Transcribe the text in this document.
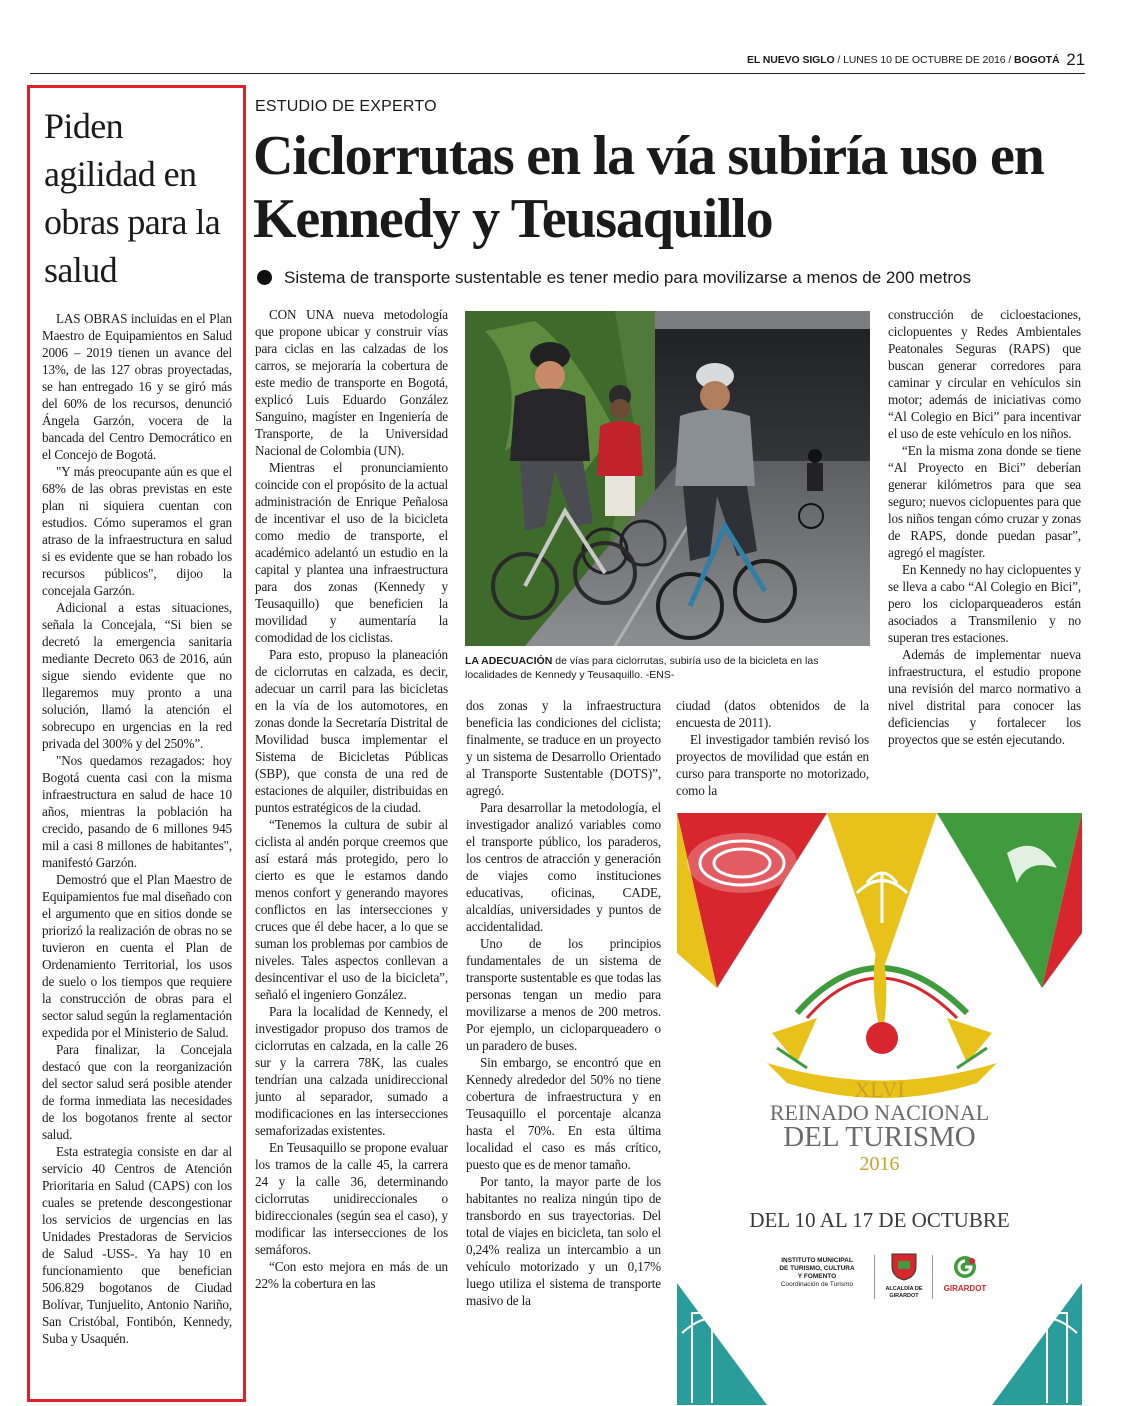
EL NUEVO SIGLO / LUNES 10 DE OCTUBRE DE 2016 / BOGOTÁ 21
Piden agilidad en obras para la salud

LAS OBRAS incluidas en el Plan Maestro de Equipamientos en Salud 2006 – 2019 tienen un avance del 13%, de las 127 obras proyectadas, se han entregado 16 y se giró más del 60% de los recursos, denunció Ángela Garzón, vocera de la bancada del Centro Democrático en el Concejo de Bogotá.

"Y más preocupante aún es que el 68% de las obras previstas en este plan ni siquiera cuentan con estudios. Cómo superamos el gran atraso de la infraestructura en salud si es evidente que se han robado los recursos públicos", dijoo la concejala Garzón.

Adicional a estas situaciones, señala la Concejala, “Si bien se decretó la emergencia sanitaria mediante Decreto 063 de 2016, aún sigue siendo evidente que no llegaremos muy pronto a una solución, llamó la atención el sobrecupo en urgencias en la red privada del 300% y del 250%”.

"Nos quedamos rezagados: hoy Bogotá cuenta casi con la misma infraestructura en salud de hace 10 años, mientras la población ha crecido, pasando de 6 millones 945 mil a casi 8 millones de habitantes", manifestó Garzón.

Demostró que el Plan Maestro de Equipamientos fue mal diseñado con el argumento que en sitios donde se priorizó la realización de obras no se tuvieron en cuenta el Plan de Ordenamiento Territorial, los usos de suelo o los tiempos que requiere la construcción de obras para el sector salud según la reglamentación expedida por el Ministerio de Salud.

Para finalizar, la Concejala destacó que con la reorganización del sector salud será posible atender de forma inmediata las necesidades de los bogotanos frente al sector salud.

Esta estrategia consiste en dar al servicio 40 Centros de Atención Prioritaria en Salud (CAPS) con los cuales se pretende descongestionar los servicios de urgencias en las Unidades Prestadoras de Servicios de Salud -USS-. Ya hay 10 en funcionamiento que benefician 506.829 bogotanos de Ciudad Bolívar, Tunjuelito, Antonio Nariño, San Cristóbal, Fontibón, Kennedy, Suba y Usaquén.

ESTUDIO DE EXPERTO
Ciclorrutas en la vía subiría uso en Kennedy y Teusaquillo
Sistema de transporte sustentable es tener medio para movilizarse a menos de 200 metros

CON UNA nueva metodología que propone ubicar y construir vías para ciclas en las calzadas de los carros, se mejoraría la cobertura de este medio de transporte en Bogotá, explicó Luis Eduardo González Sanguino, magíster en Ingeniería de Transporte, de la Universidad Nacional de Colombia (UN).

Mientras el pronunciamiento coincide con el propósito de la actual administración de Enrique Peñalosa de incentivar el uso de la bicicleta como medio de transporte, el académico adelantó un estudio en la capital y plantea una infraestructura para dos zonas (Kennedy y Teusaquillo) que beneficien la movilidad y aumentaría la comodidad de los ciclistas.

Para esto, propuso la planeación de ciclorrutas en calzada, es decir, adecuar un carril para las bicicletas en la vía de los automotores, en zonas donde la Secretaría Distrital de Movilidad busca implementar el Sistema de Bicicletas Públicas (SBP), que consta de una red de estaciones de alquiler, distribuidas en puntos estratégicos de la ciudad.

“Tenemos la cultura de subir al ciclista al andén porque creemos que así estará más protegido, pero lo cierto es que le estamos dando menos confort y generando mayores conflictos en las intersecciones y cruces que él debe hacer, a lo que se suman los problemas por cambios de niveles. Tales aspectos conllevan a desincentivar el uso de la bicicleta”, señaló el ingeniero González.

Para la localidad de Kennedy, el investigador propuso dos tramos de ciclorrutas en calzada, en la calle 26 sur y la carrera 78K, las cuales tendrían una calzada unidireccional junto al separador, sumado a modificaciones en las intersecciones semaforizadas existentes.

En Teusaquillo se propone evaluar los tramos de la calle 45, la carrera 24 y la calle 36, determinando ciclorrutas unidireccionales o bidireccionales (según sea el caso), y modificar las intersecciones de los semáforos.

“Con esto mejora en más de un 22% la cobertura en las

LA ADECUACIÓN de vías para ciclorrutas, subiría uso de la bicicleta en las localidades de Kennedy y Teusaquillo. -ENS-

dos zonas y la infraestructura beneficia las condiciones del ciclista; finalmente, se traduce en un proyecto y un sistema de Desarrollo Orientado al Transporte Sustentable (DOTS)”, agregó.

Para desarrollar la metodología, el investigador analizó variables como el transporte público, los paraderos, los centros de atracción y generación de viajes como instituciones educativas, oficinas, CADE, alcaldías, universidades y puntos de accidentalidad.

Uno de los principios fundamentales de un sistema de transporte sustentable es que todas las personas tengan un medio para movilizarse a menos de 200 metros. Por ejemplo, un cicloparqueadero o un paradero de buses.

Sin embargo, se encontró que en Kennedy alrededor del 50% no tiene cobertura de infraestructura y en Teusaquillo el porcentaje alcanza hasta el 70%. En esta última localidad el caso es más crítico, puesto que es de menor tamaño.

Por tanto, la mayor parte de los habitantes no realiza ningún tipo de transbordo en sus trayectorias. Del total de viajes en bicicleta, tan solo el 0,24% realiza un intercambio a un vehículo motorizado y un 0,17% luego utiliza el sistema de transporte masivo de la

ciudad (datos obtenidos de la encuesta de 2011).

El investigador también revisó los proyectos de movilidad que están en curso para transporte no motorizado, como la

construcción de cicloestaciones, ciclopuentes y Redes Ambientales Peatonales Seguras (RAPS) que buscan generar corredores para caminar y circular en vehículos sin motor; además de iniciativas como “Al Colegio en Bici” para incentivar el uso de este vehículo en los niños.

“En la misma zona donde se tiene “Al Proyecto en Bici” deberían generar kilómetros para que sea seguro; nuevos ciclopuentes para que los niños tengan cómo cruzar y zonas de RAPS, donde puedan pasar”, agregó el magíster.

En Kennedy no hay ciclopuentes y se lleva a cabo “Al Colegio en Bici”, pero los cicloparqueaderos están asociados a Transmilenio y no superan tres estaciones.

Además de implementar nueva infraestructura, el estudio propone una revisión del marco normativo a nivel distrital para conocer las deficiencias y fortalecer los proyectos que se estén ejecutando.

XLVI
REINADO NACIONAL
DEL TURISMO
2016
DEL 10 AL 17 DE OCTUBRE
INSTITUTO MUNICIPAL
DE TURISMO, CULTURA
Y FOMENTO
Coordinación de Turismo
ALCALDÍA DE GIRARDOT
GIRARDOT
